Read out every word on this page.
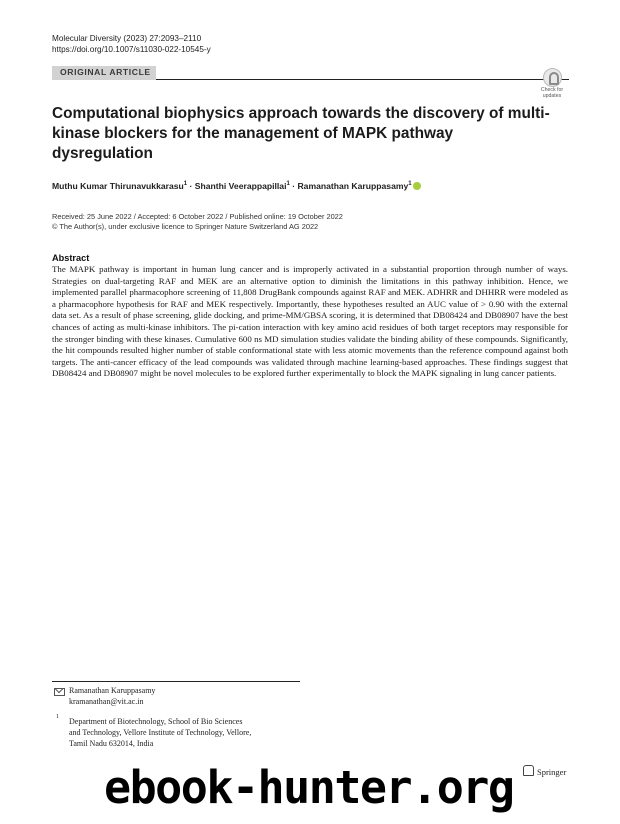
Molecular Diversity (2023) 27:2093–2110
https://doi.org/10.1007/s11030-022-10545-y
ORIGINAL ARTICLE
Check for
updates
Computational biophysics approach towards the discovery of multi-kinase blockers for the management of MAPK pathway dysregulation
Muthu Kumar Thirunavukkarasu$^1$ · Shanthi Veerappapillai$^1$ · Ramanathan Karuppasamy$^1$
Received: 25 June 2022 / Accepted: 6 October 2022 / Published online: 19 October 2022
© The Author(s), under exclusive licence to Springer Nature Switzerland AG 2022
Abstract
The MAPK pathway is important in human lung cancer and is improperly activated in a substantial proportion through number of ways. Strategies on dual-targeting RAF and MEK are an alternative option to diminish the limitations in this pathway inhibition. Hence, we implemented parallel pharmacophore screening of 11,808 DrugBank compounds against RAF and MEK. ADHRR and DHHRR were modeled as a pharmacophore hypothesis for RAF and MEK respectively. Importantly, these hypotheses resulted an AUC value of > 0.90 with the external data set. As a result of phase screening, glide docking, and prime-MM/GBSA scoring, it is determined that DB08424 and DB08907 have the best chances of acting as multi-kinase inhibitors. The pi-cation interaction with key amino acid residues of both target receptors may responsible for the stronger binding with these kinases. Cumulative 600 ns MD simulation studies validate the binding ability of these compounds. Significantly, the hit compounds resulted higher number of stable conformational state with less atomic movements than the reference compound against both targets. The anti-cancer efficacy of the lead compounds was validated through machine learning-based approaches. These findings suggest that DB08424 and DB08907 might be novel molecules to be explored further experimentally to block the MAPK signaling in lung cancer patients.
Ramanathan Karuppasamy
kramanathan@vit.ac.in
1 Department of Biotechnology, School of Bio Sciences
and Technology, Vellore Institute of Technology, Vellore,
Tamil Nadu 632014, India
ebook-hunter.org	Springer
